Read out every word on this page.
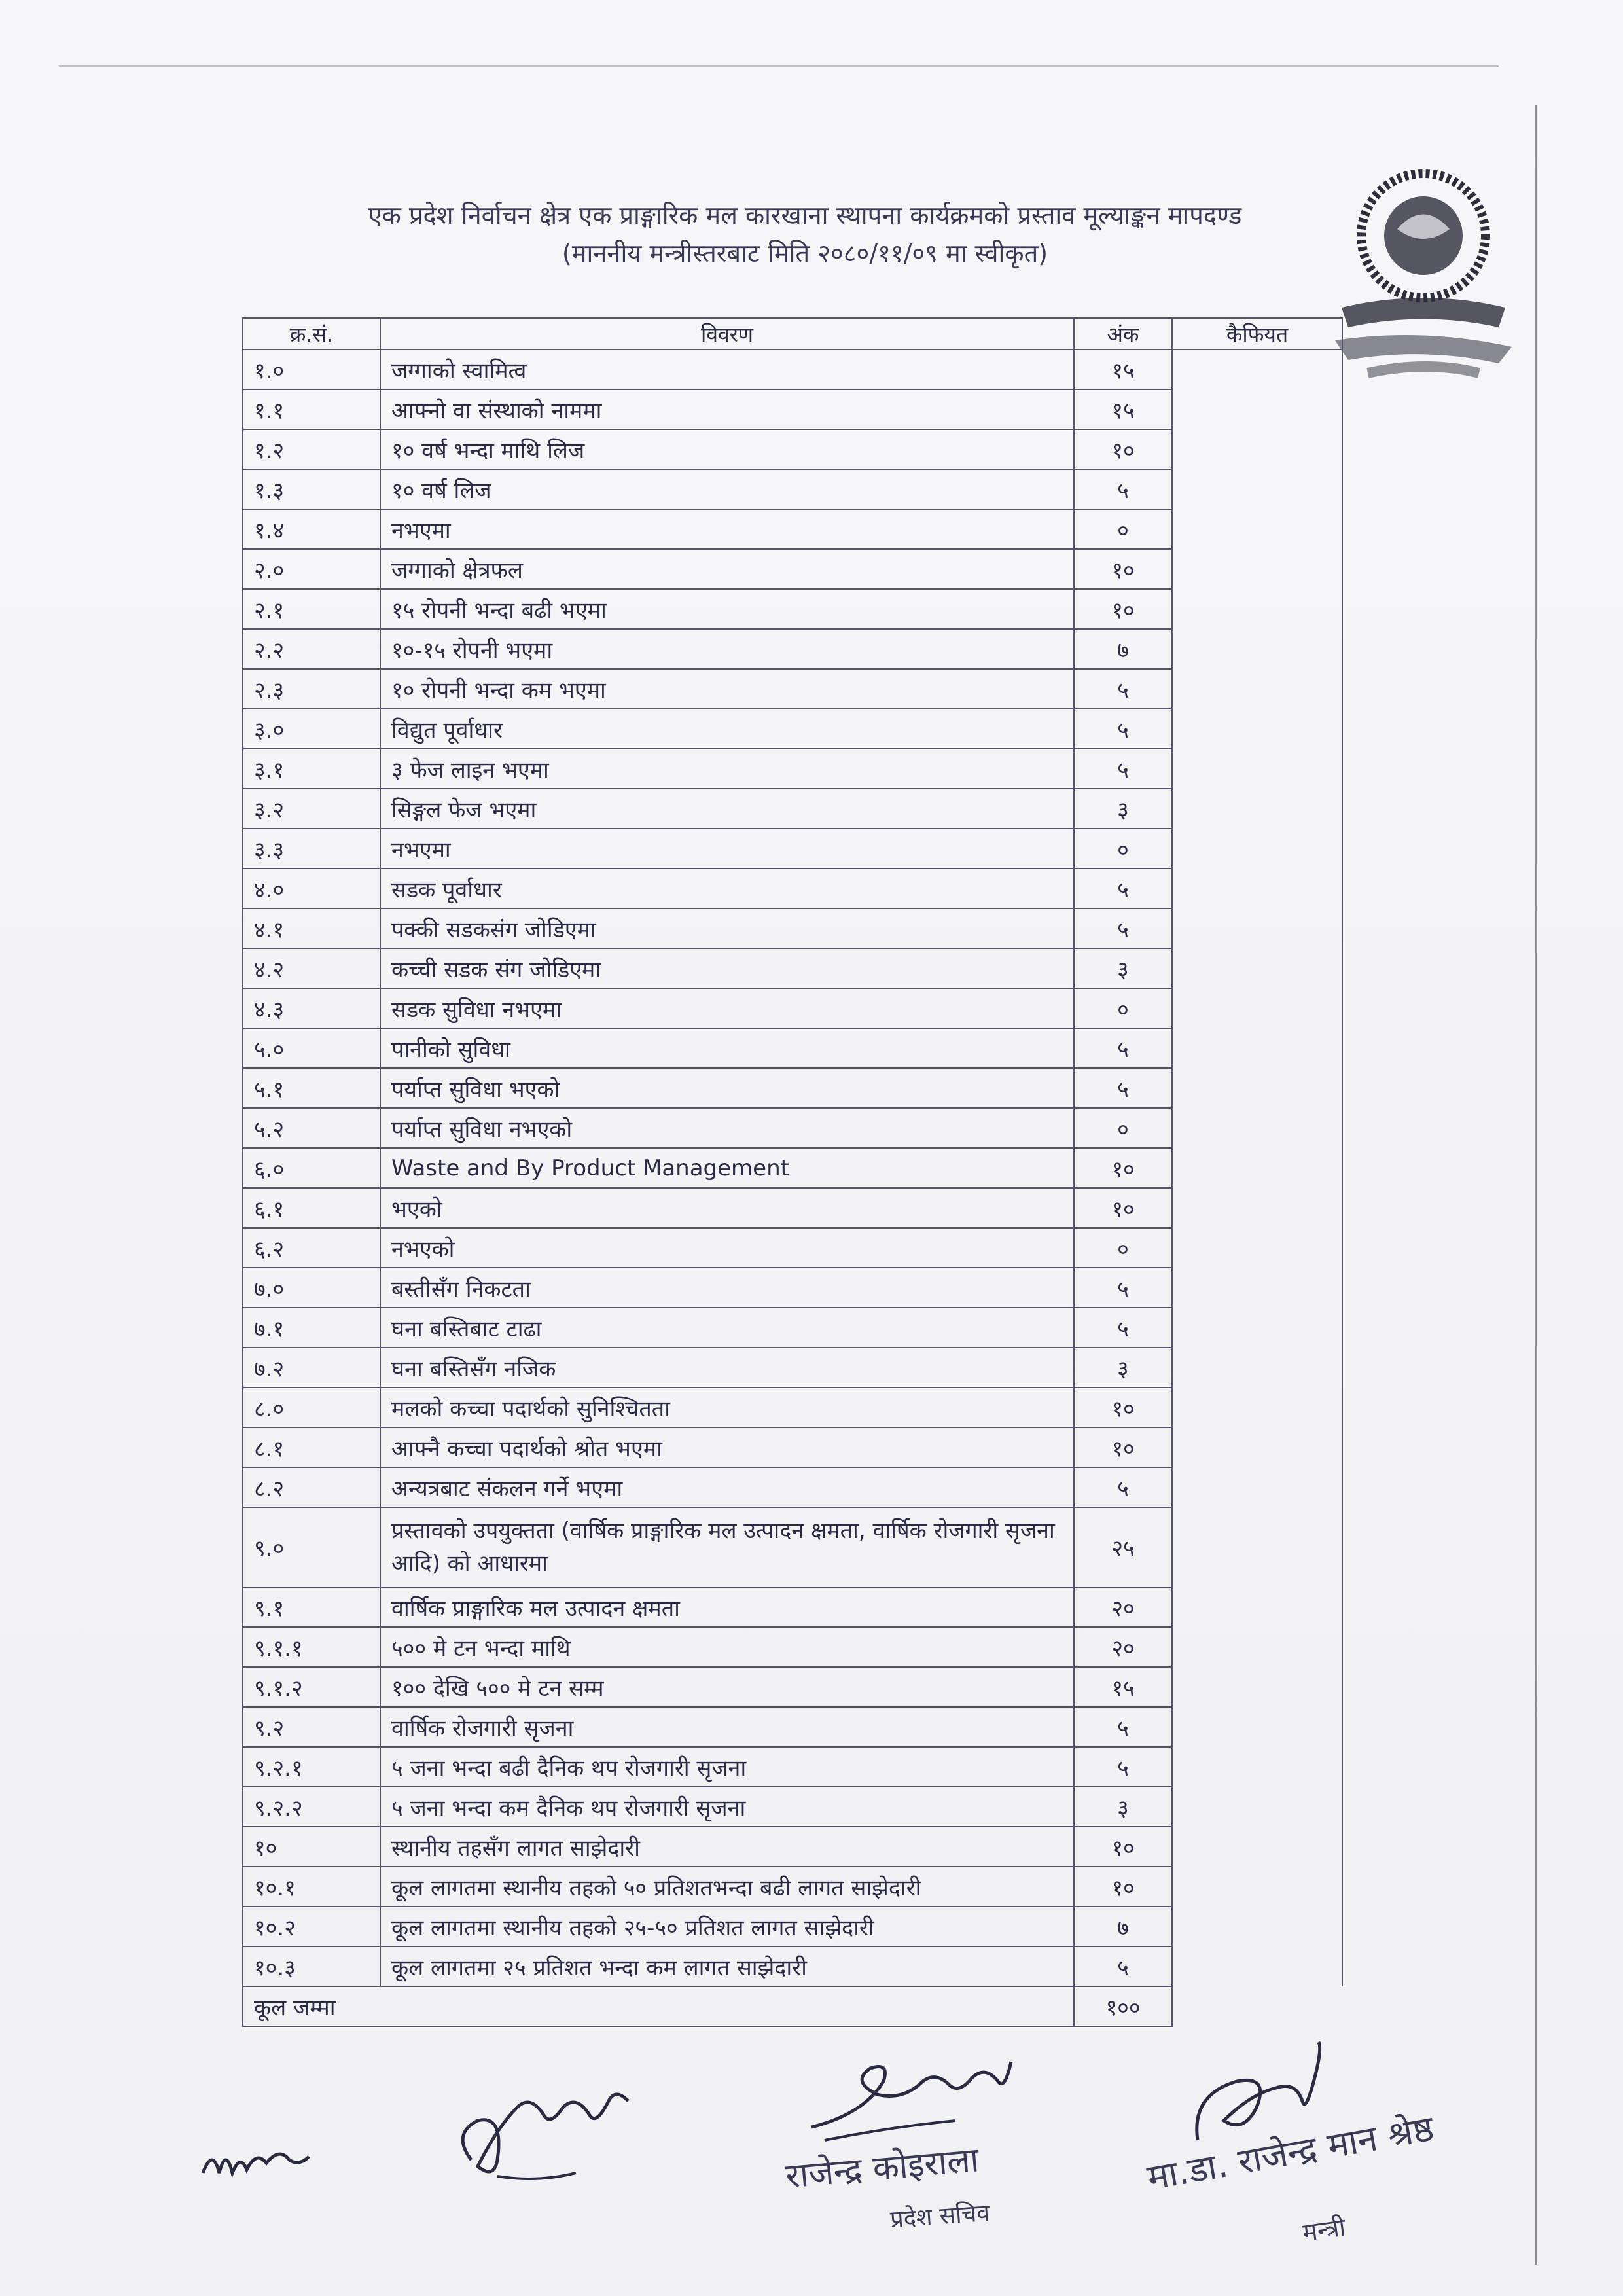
एक प्रदेश निर्वाचन क्षेत्र एक प्राङ्गारिक मल कारखाना स्थापना कार्यक्रमको प्रस्ताव मूल्याङ्कन मापदण्ड
(माननीय मन्त्रीस्तरबाट मिति २०८०/११/०९ मा स्वीकृत)
क्र.सं.	विवरण	अंक	कैफियत
१.०	जग्गाको स्वामित्व	१५	
१.१	आफ्नो वा संस्थाको नाममा	१५	
१.२	१० वर्ष भन्दा माथि लिज	१०	
१.३	१० वर्ष लिज	५	
१.४	नभएमा	०	
२.०	जग्गाको क्षेत्रफल	१०	
२.१	१५ रोपनी भन्दा बढी भएमा	१०	
२.२	१०-१५ रोपनी भएमा	७	
२.३	१० रोपनी भन्दा कम भएमा	५	
३.०	विद्युत पूर्वाधार	५	
३.१	३ फेज लाइन भएमा	५	
३.२	सिङ्गल फेज भएमा	३	
३.३	नभएमा	०	
४.०	सडक पूर्वाधार	५	
४.१	पक्की सडकसंग जोडिएमा	५	
४.२	कच्ची सडक संग जोडिएमा	३	
४.३	सडक सुविधा नभएमा	०	
५.०	पानीको सुविधा	५	
५.१	पर्याप्त सुविधा भएको	५	
५.२	पर्याप्त सुविधा नभएको	०	
६.०	Waste and By Product Management	१०	
६.१	भएको	१०	
६.२	नभएको	०	
७.०	बस्तीसँग निकटता	५	
७.१	घना बस्तिबाट टाढा	५	
७.२	घना बस्तिसँग नजिक	३	
८.०	मलको कच्चा पदार्थको सुनिश्चितता	१०	
८.१	आफ्नै कच्चा पदार्थको श्रोत भएमा	१०	
८.२	अन्यत्रबाट संकलन गर्ने भएमा	५	
९.०	प्रस्तावको उपयुक्तता (वार्षिक प्राङ्गारिक मल उत्पादन क्षमता, वार्षिक रोजगारी सृजना आदि) को आधारमा	२५	
९.१	वार्षिक प्राङ्गारिक मल उत्पादन क्षमता	२०	
९.१.१	५०० मे टन भन्दा माथि	२०	
९.१.२	१०० देखि ५०० मे टन सम्म	१५	
९.२	वार्षिक रोजगारी सृजना	५	
९.२.१	५ जना भन्दा बढी दैनिक थप रोजगारी सृजना	५	
९.२.२	५ जना भन्दा कम दैनिक थप रोजगारी सृजना	३	
१०	स्थानीय तहसँग लागत साझेदारी	१०	
१०.१	कूल लागतमा स्थानीय तहको ५० प्रतिशतभन्दा बढी लागत साझेदारी	१०	
१०.२	कूल लागतमा स्थानीय तहको २५-५० प्रतिशत लागत साझेदारी	७	
१०.३	कूल लागतमा २५ प्रतिशत भन्दा कम लागत साझेदारी	५	
कूल जम्मा		१००	
राजेन्द्र कोइराला
प्रदेश सचिव
मा.डा. राजेन्द्र मान श्रेष्ठ
मन्त्री
